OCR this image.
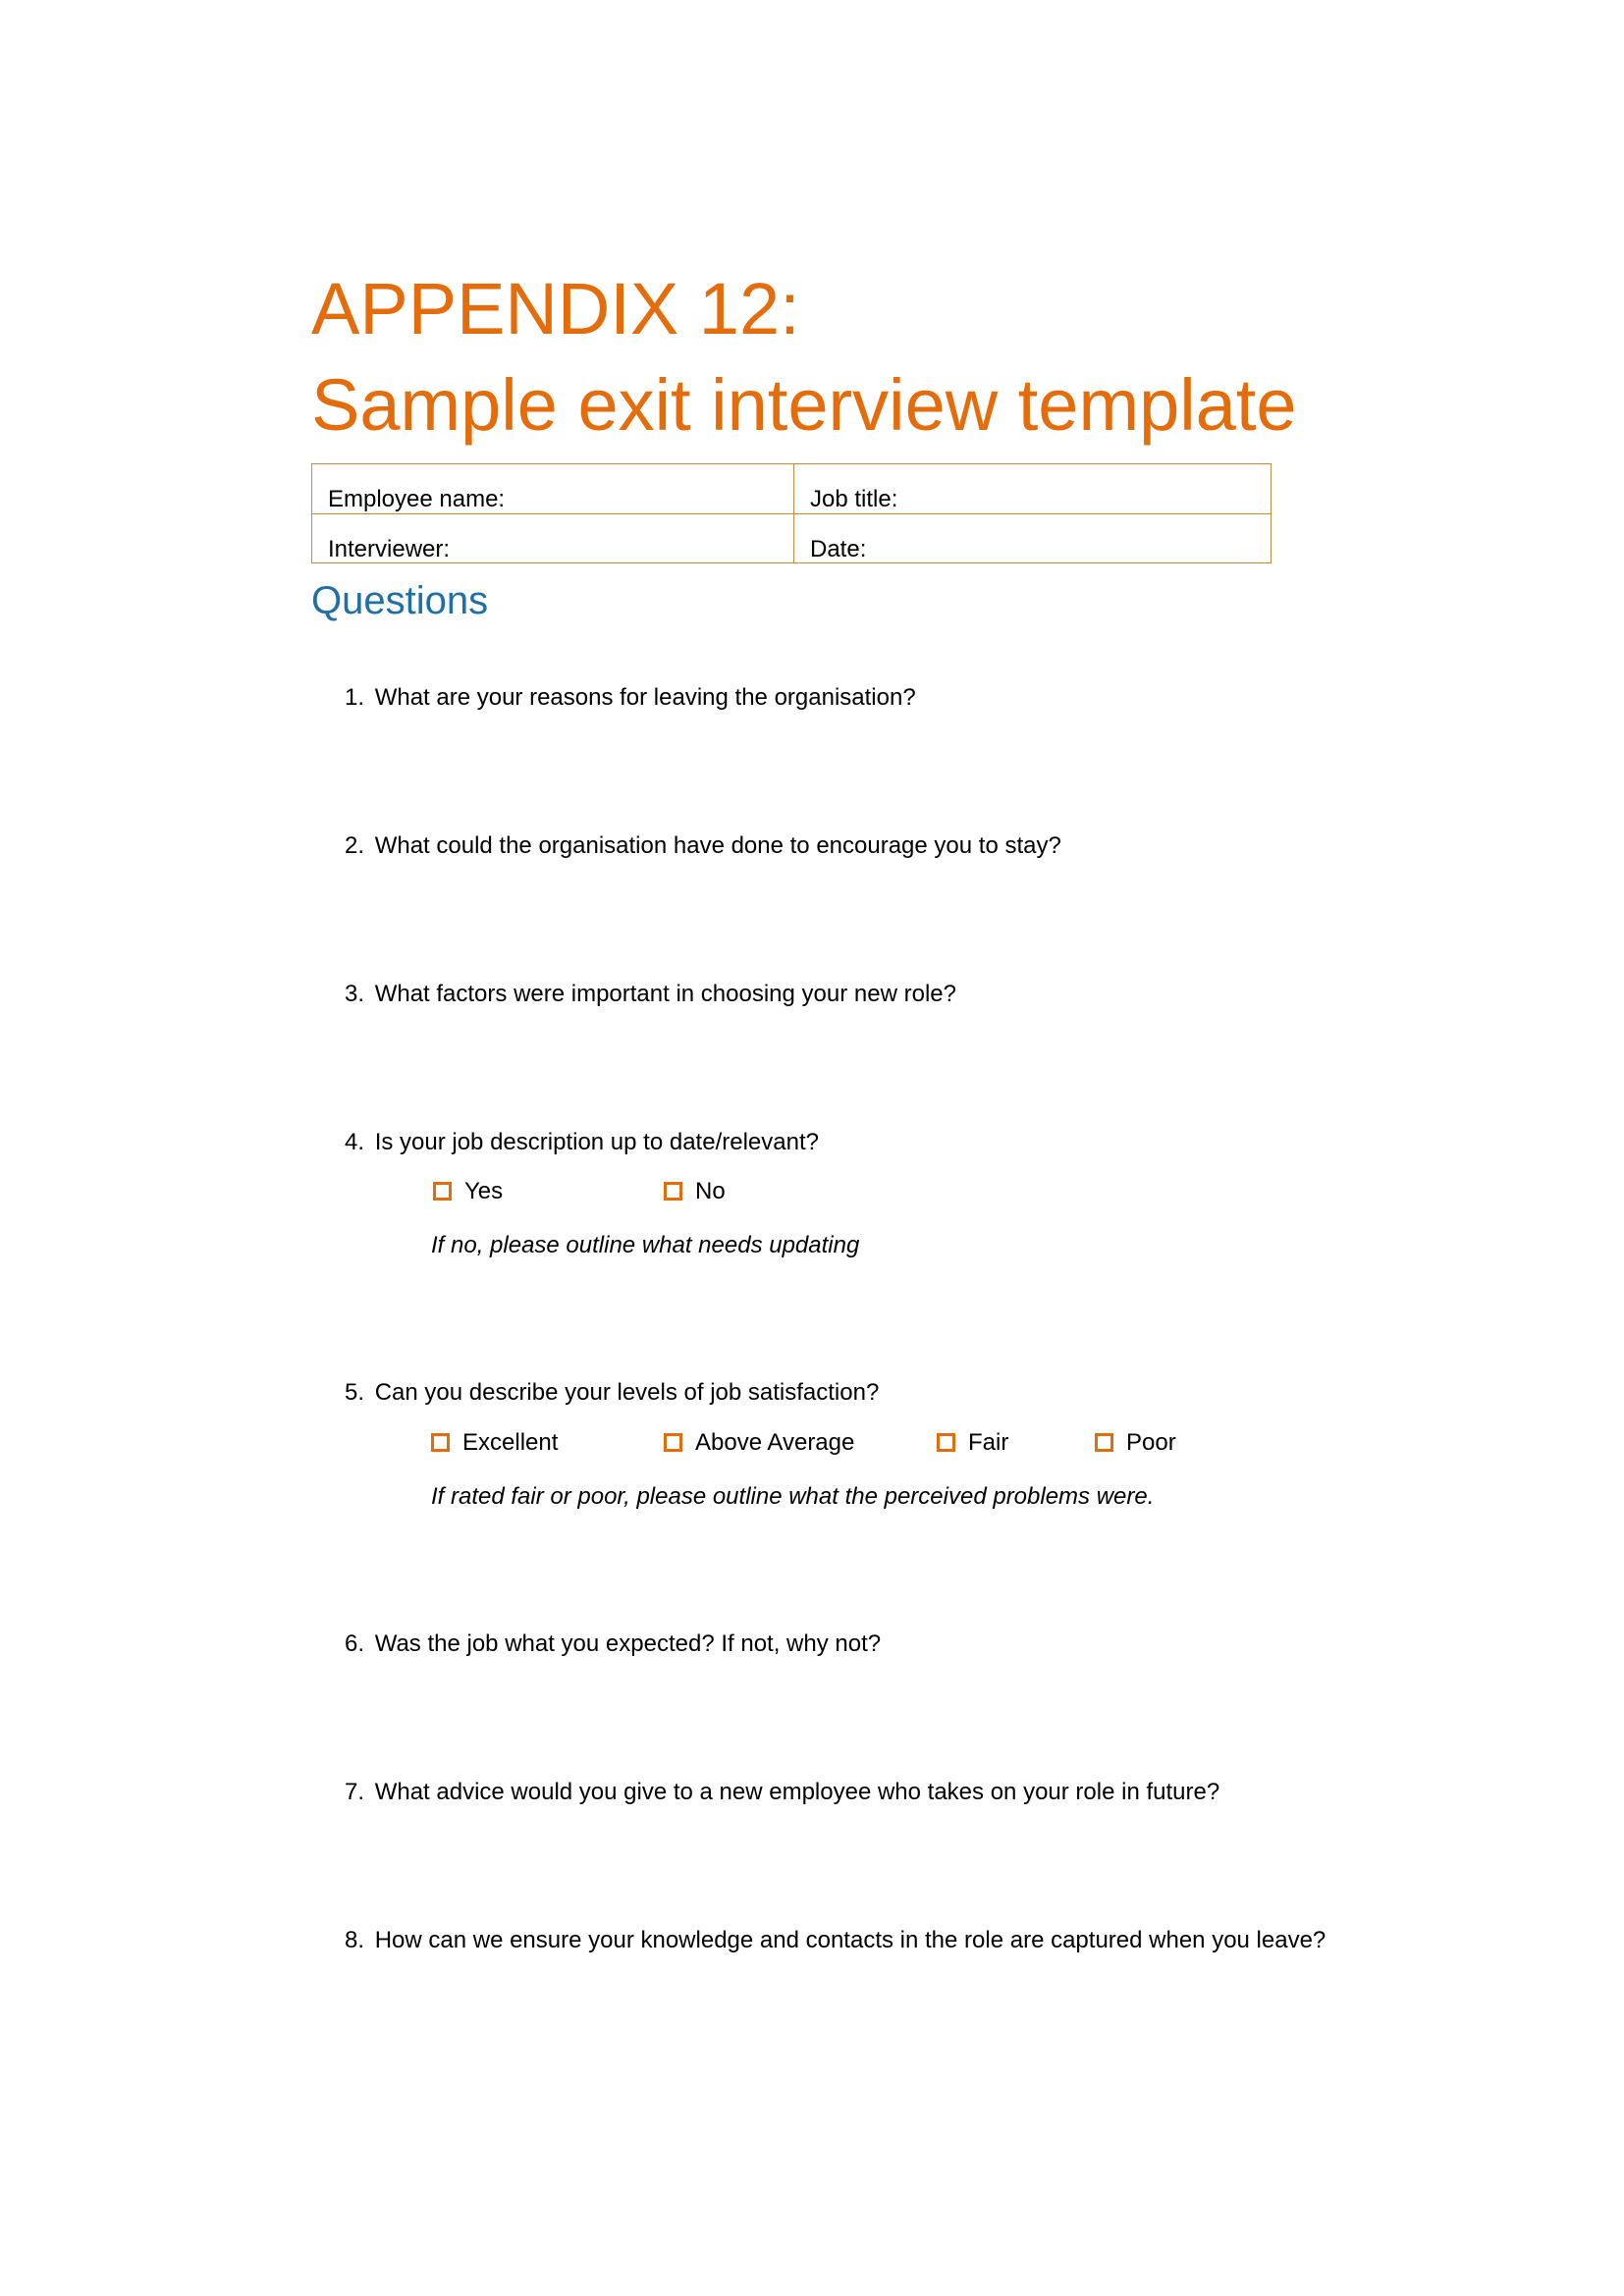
APPENDIX 12:
Sample exit interview template
Employee name:	Job title:
Interviewer:	Date:
Questions
1. What are your reasons for leaving the organisation?
2. What could the organisation have done to encourage you to stay?
3. What factors were important in choosing your new role?
4. Is your job description up to date/relevant?
Yes	No
If no, please outline what needs updating
5. Can you describe your levels of job satisfaction?
Excellent	Above Average	Fair	Poor
If rated fair or poor, please outline what the perceived problems were.
6. Was the job what you expected? If not, why not?
7. What advice would you give to a new employee who takes on your role in future?
8. How can we ensure your knowledge and contacts in the role are captured when you leave?
